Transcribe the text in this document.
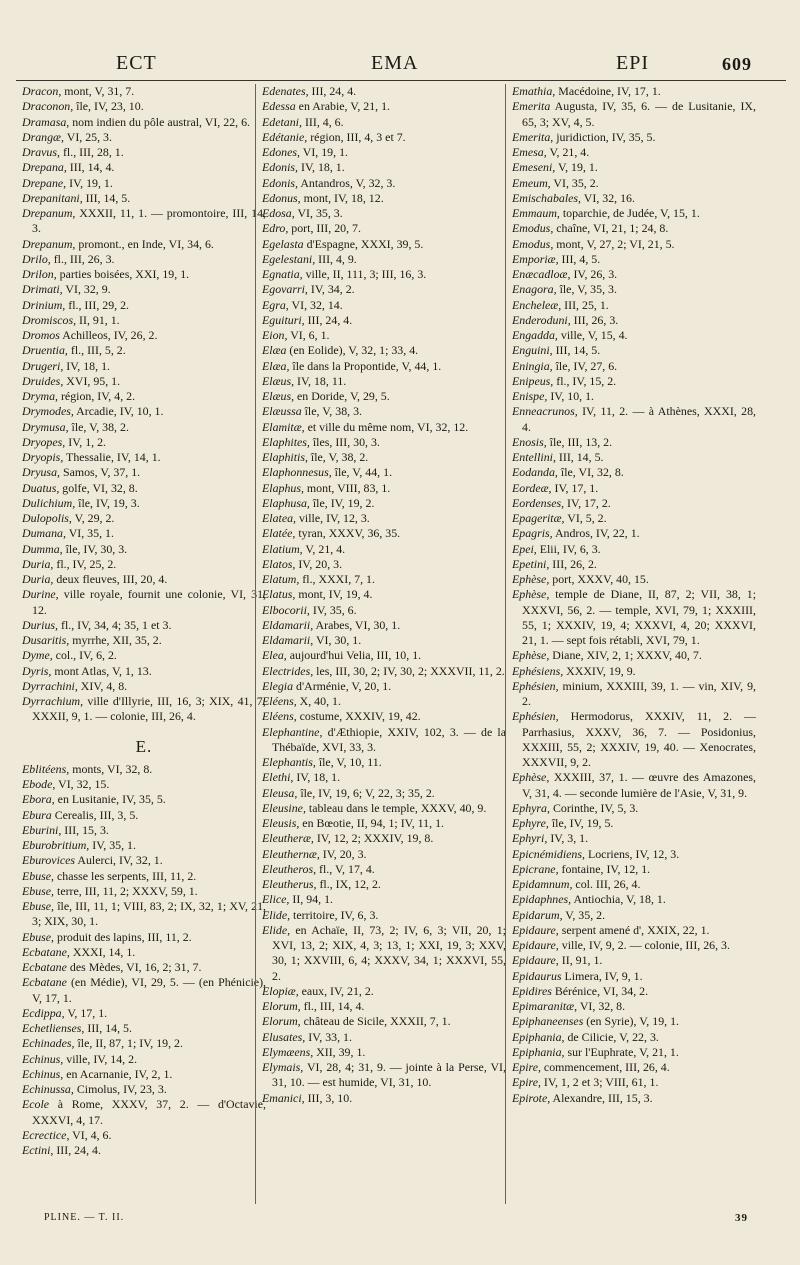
ECT	EMA	EPI	609

Dracon, mont, V, 31, 7.

Draconon, île, IV, 23, 10.

Dramasa, nom indien du pôle austral, VI, 22, 6.

Drangæ, VI, 25, 3.

Dravus, fl., III, 28, 1.

Drepana, III, 14, 4.

Drepane, IV, 19, 1.

Drepanitani, III, 14, 5.

Drepanum, XXXII, 11, 1. — promontoire, III, 14, 3.

Drepanum, promont., en Inde, VI, 34, 6.

Drilo, fl., III, 26, 3.

Drilon, parties boisées, XXI, 19, 1.

Drimati, VI, 32, 9.

Drinium, fl., III, 29, 2.

Dromiscos, II, 91, 1.

Dromos Achilleos, IV, 26, 2.

Druentia, fl., III, 5, 2.

Drugeri, IV, 18, 1.

Druides, XVI, 95, 1.

Dryma, région, IV, 4, 2.

Drymodes, Arcadie, IV, 10, 1.

Drymusa, île, V, 38, 2.

Dryopes, IV, 1, 2.

Dryopis, Thessalie, IV, 14, 1.

Dryusa, Samos, V, 37, 1.

Duatus, golfe, VI, 32, 8.

Dulichium, île, IV, 19, 3.

Dulopolis, V, 29, 2.

Dumana, VI, 35, 1.

Dumma, île, IV, 30, 3.

Duria, fl., IV, 25, 2.

Duria, deux fleuves, III, 20, 4.

Durine, ville royale, fournit une colonie, VI, 31, 12.

Durius, fl., IV, 34, 4; 35, 1 et 3.

Dusaritis, myrrhe, XII, 35, 2.

Dyme, col., IV, 6, 2.

Dyris, mont Atlas, V, 1, 13.

Dyrrachini, XIV, 4, 8.

Dyrrachium, ville d'Illyrie, III, 16, 3; XIX, 41, 7; XXXII, 9, 1. — colonie, III, 26, 4.

E.

Eblitéens, monts, VI, 32, 8.

Ebode, VI, 32, 15.

Ebora, en Lusitanie, IV, 35, 5.

Ebura Cerealis, III, 3, 5.

Eburini, III, 15, 3.

Eburobritium, IV, 35, 1.

Eburovices Aulerci, IV, 32, 1.

Ebuse, chasse les serpents, III, 11, 2.

Ebuse, terre, III, 11, 2; XXXV, 59, 1.

Ebuse, île, III, 11, 1; VIII, 83, 2; IX, 32, 1; XV, 21, 3; XIX, 30, 1.

Ebuse, produit des lapins, III, 11, 2.

Ecbatane, XXXI, 14, 1.

Ecbatane des Mèdes, VI, 16, 2; 31, 7.

Ecbatane (en Médie), VI, 29, 5. — (en Phénicie), V, 17, 1.

Ecdippa, V, 17, 1.

Echetlienses, III, 14, 5.

Echinades, île, II, 87, 1; IV, 19, 2.

Echinus, ville, IV, 14, 2.

Echinus, en Acarnanie, IV, 2, 1.

Echinussa, Cimolus, IV, 23, 3.

Ecole à Rome, XXXV, 37, 2. — d'Octavie, XXXVI, 4, 17.

Ecrectice, VI, 4, 6.

Ectini, III, 24, 4.

Edenates, III, 24, 4.

Edessa en Arabie, V, 21, 1.

Edetani, III, 4, 6.

Edétanie, région, III, 4, 3 et 7.

Edones, VI, 19, 1.

Edonis, IV, 18, 1.

Edonis, Antandros, V, 32, 3.

Edonus, mont, IV, 18, 12.

Edosa, VI, 35, 3.

Edro, port, III, 20, 7.

Egelasta d'Espagne, XXXI, 39, 5.

Egelestani, III, 4, 9.

Egnatia, ville, II, 111, 3; III, 16, 3.

Egovarri, IV, 34, 2.

Egra, VI, 32, 14.

Eguituri, III, 24, 4.

Eion, VI, 6, 1.

Elæa (en Eolide), V, 32, 1; 33, 4.

Elæa, île dans la Propontide, V, 44, 1.

Elæus, IV, 18, 11.

Elæus, en Doride, V, 29, 5.

Elæussa île, V, 38, 3.

Elamitæ, et ville du même nom, VI, 32, 12.

Elaphites, îles, III, 30, 3.

Elaphitis, île, V, 38, 2.

Elaphonnesus, île, V, 44, 1.

Elaphus, mont, VIII, 83, 1.

Elaphusa, île, IV, 19, 2.

Elatea, ville, IV, 12, 3.

Elatée, tyran, XXXV, 36, 35.

Elatium, V, 21, 4.

Elatos, IV, 20, 3.

Elatum, fl., XXXI, 7, 1.

Elatus, mont, IV, 19, 4.

Elbocorii, IV, 35, 6.

Eldamarii, Arabes, VI, 30, 1.

Eldamarii, VI, 30, 1.

Elea, aujourd'hui Velia, III, 10, 1.

Electrides, les, III, 30, 2; IV, 30, 2; XXXVII, 11, 2.

Elegia d'Arménie, V, 20, 1.

Eléens, X, 40, 1.

Eléens, costume, XXXIV, 19, 42.

Elephantine, d'Æthiopie, XXIV, 102, 3. — de la Thébaïde, XVI, 33, 3.

Elephantis, île, V, 10, 11.

Elethi, IV, 18, 1.

Eleusa, île, IV, 19, 6; V, 22, 3; 35, 2.

Eleusine, tableau dans le temple, XXXV, 40, 9.

Eleusis, en Bœotie, II, 94, 1; IV, 11, 1.

Eleutheræ, IV, 12, 2; XXXIV, 19, 8.

Eleuthernæ, IV, 20, 3.

Eleutheros, fl., V, 17, 4.

Eleutherus, fl., IX, 12, 2.

Elice, II, 94, 1.

Elide, territoire, IV, 6, 3.

Elide, en Achaïe, II, 73, 2; IV, 6, 3; VII, 20, 1; XVI, 13, 2; XIX, 4, 3; 13, 1; XXI, 19, 3; XXV, 30, 1; XXVIII, 6, 4; XXXV, 34, 1; XXXVI, 55, 2.

Elopiæ, eaux, IV, 21, 2.

Elorum, fl., III, 14, 4.

Elorum, château de Sicile, XXXII, 7, 1.

Elusates, IV, 33, 1.

Elymæens, XII, 39, 1.

Elymais, VI, 28, 4; 31, 9. — jointe à la Perse, VI, 31, 10. — est humide, VI, 31, 10.

Emanici, III, 3, 10.

Emathia, Macédoine, IV, 17, 1.

Emerita Augusta, IV, 35, 6. — de Lusitanie, IX, 65, 3; XV, 4, 5.

Emerita, juridiction, IV, 35, 5.

Emesa, V, 21, 4.

Emeseni, V, 19, 1.

Emeum, VI, 35, 2.

Emischabales, VI, 32, 16.

Emmaum, toparchie, de Judée, V, 15, 1.

Emodus, chaîne, VI, 21, 1; 24, 8.

Emodus, mont, V, 27, 2; VI, 21, 5.

Emporiæ, III, 4, 5.

Enæcadloæ, IV, 26, 3.

Enagora, île, V, 35, 3.

Encheleæ, III, 25, 1.

Enderoduni, III, 26, 3.

Engadda, ville, V, 15, 4.

Enguini, III, 14, 5.

Eningia, île, IV, 27, 6.

Enipeus, fl., IV, 15, 2.

Enispe, IV, 10, 1.

Enneacrunos, IV, 11, 2. — à Athènes, XXXI, 28, 4.

Enosis, île, III, 13, 2.

Entellini, III, 14, 5.

Eodanda, île, VI, 32, 8.

Eordeæ, IV, 17, 1.

Eordenses, IV, 17, 2.

Epageritæ, VI, 5, 2.

Epagris, Andros, IV, 22, 1.

Epei, Elii, IV, 6, 3.

Epetini, III, 26, 2.

Ephèse, port, XXXV, 40, 15.

Ephèse, temple de Diane, II, 87, 2; VII, 38, 1; XXXVI, 56, 2. — temple, XVI, 79, 1; XXXIII, 55, 1; XXXIV, 19, 4; XXXVI, 4, 20; XXXVI, 21, 1. — sept fois rétabli, XVI, 79, 1.

Ephèse, Diane, XIV, 2, 1; XXXV, 40, 7.

Ephésiens, XXXIV, 19, 9.

Ephésien, minium, XXXIII, 39, 1. — vin, XIV, 9, 2.

Ephésien, Hermodorus, XXXIV, 11, 2. — Parrhasius, XXXV, 36, 7. — Posidonius, XXXIII, 55, 2; XXXIV, 19, 40. — Xenocrates, XXXVII, 9, 2.

Ephèse, XXXIII, 37, 1. — œuvre des Amazones, V, 31, 4. — seconde lumière de l'Asie, V, 31, 9.

Ephyra, Corinthe, IV, 5, 3.

Ephyre, île, IV, 19, 5.

Ephyri, IV, 3, 1.

Epicnémidiens, Locriens, IV, 12, 3.

Epicrane, fontaine, IV, 12, 1.

Epidamnum, col. III, 26, 4.

Epidaphnes, Antiochia, V, 18, 1.

Epidarum, V, 35, 2.

Epidaure, serpent amené d', XXIX, 22, 1.

Epidaure, ville, IV, 9, 2. — colonie, III, 26, 3.

Epidaure, II, 91, 1.

Epidaurus Limera, IV, 9, 1.

Epidires Bérénice, VI, 34, 2.

Epimaranitæ, VI, 32, 8.

Epiphaneenses (en Syrie), V, 19, 1.

Epiphania, de Cilicie, V, 22, 3.

Epiphania, sur l'Euphrate, V, 21, 1.

Epire, commencement, III, 26, 4.

Epire, IV, 1, 2 et 3; VIII, 61, 1.

Epirote, Alexandre, III, 15, 3.

PLINE. — T. II.	39
